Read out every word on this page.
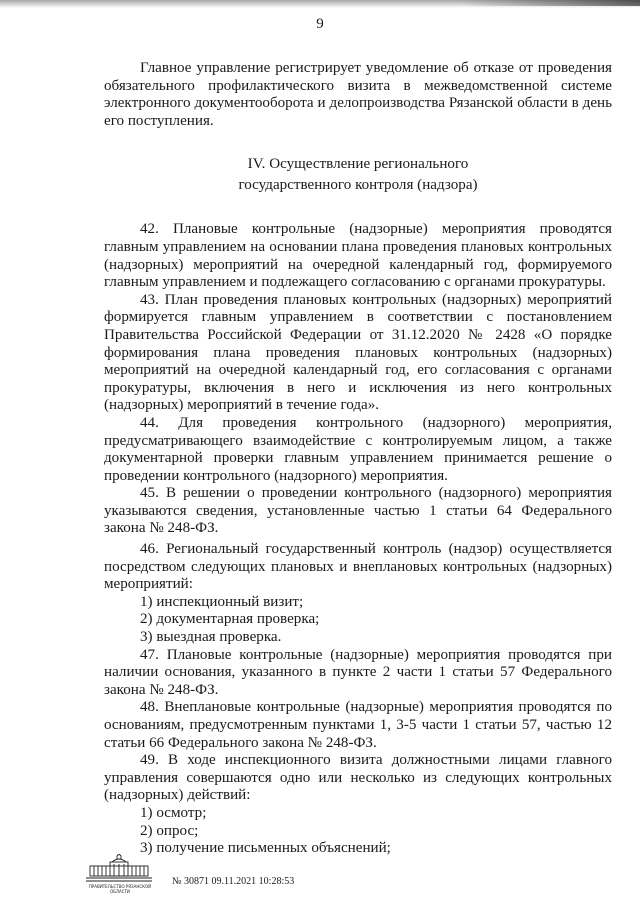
9

Главное управление регистрирует уведомление об отказе от проведения обязательного профилактического визита в межведомственной системе электронного документооборота и делопроизводства Рязанской области в день его поступления.

IV. Осуществление регионального
государственного контроля (надзора)

42. Плановые контрольные (надзорные) мероприятия проводятся главным управлением на основании плана проведения плановых контрольных (надзорных) мероприятий на очередной календарный год, формируемого главным управлением и подлежащего согласованию с органами прокуратуры.

43. План проведения плановых контрольных (надзорных) мероприятий формируется главным управлением в соответствии с постановлением Правительства Российской Федерации от 31.12.2020 № 2428 «О порядке формирования плана проведения плановых контрольных (надзорных) мероприятий на очередной календарный год, его согласования с органами прокуратуры, включения в него и исключения из него контрольных (надзорных) мероприятий в течение года».

44. Для проведения контрольного (надзорного) мероприятия, предусматривающего взаимодействие с контролируемым лицом, а также документарной проверки главным управлением принимается решение о проведении контрольного (надзорного) мероприятия.

45. В решении о проведении контрольного (надзорного) мероприятия указываются сведения, установленные частью 1 статьи 64 Федерального закона № 248-ФЗ.

46. Региональный государственный контроль (надзор) осуществляется посредством следующих плановых и внеплановых контрольных (надзорных) мероприятий:

1) инспекционный визит;

2) документарная проверка;

3) выездная проверка.

47. Плановые контрольные (надзорные) мероприятия проводятся при наличии основания, указанного в пункте 2 части 1 статьи 57 Федерального закона № 248-ФЗ.

48. Внеплановые контрольные (надзорные) мероприятия проводятся по основаниям, предусмотренным пунктами 1, 3-5 части 1 статьи 57, частью 12 статьи 66 Федерального закона № 248-ФЗ.

49. В ходе инспекционного визита должностными лицами главного управления совершаются одно или несколько из следующих контрольных (надзорных) действий:

1) осмотр;

2) опрос;

3) получение письменных объяснений;

ПРАВИТЕЛЬСТВО РЯЗАНСКОЙ ОБЛАСТИ
№ 30871 09.11.2021 10:28:53
